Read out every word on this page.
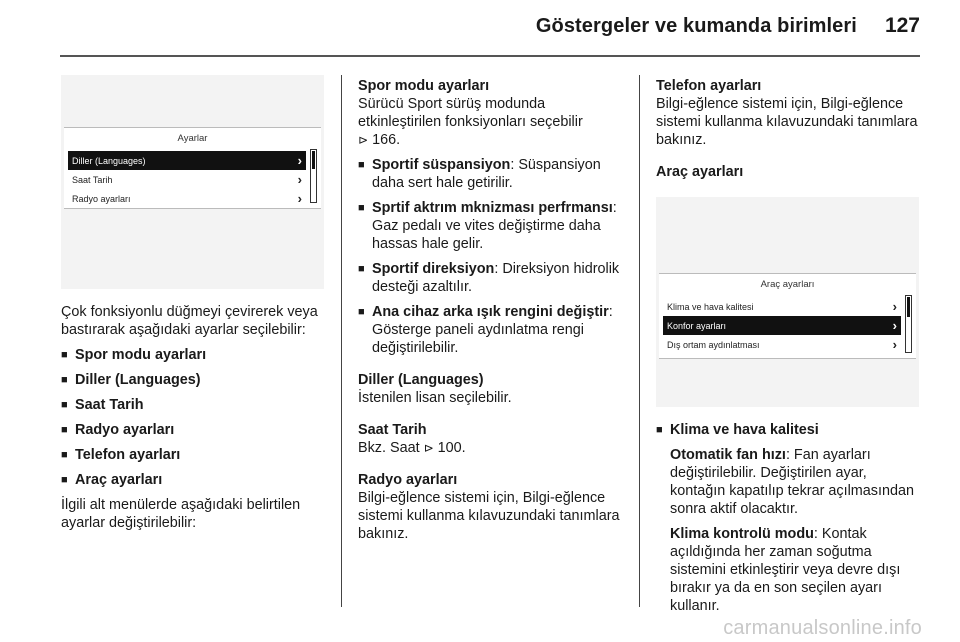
Göstergeler ve kumanda birimleri 127
Ayarlar
Diller (Languages)	›
Saat Tarih	›
Radyo ayarları	›

Çok fonksiyonlu düğmeyi çevirerek veya bastırarak aşağıdaki ayarlar seçilebilir:

■ Spor modu ayarları
■ Diller (Languages)
■ Saat Tarih
■ Radyo ayarları
■ Telefon ayarları
■ Araç ayarları

İlgili alt menülerde aşağıdaki belirtilen ayarlar değiştirilebilir:

Spor modu ayarları

Sürücü Sport sürüş modunda etkinleştirilen fonksiyonları seçebilir
⊳ 166.

■ Sportif süspansiyon: Süspansiyon daha sert hale getirilir.
■ Sprtif aktrım mknizması perfrmansı: Gaz pedalı ve vites değiştirme daha hassas hale gelir.
■ Sportif direksiyon: Direksiyon hidrolik desteği azaltılır.
■ Ana cihaz arka ışık rengini değiştir: Gösterge paneli aydınlatma rengi değiştirilebilir.

Diller (Languages)

İstenilen lisan seçilebilir.

Saat Tarih

Bkz. Saat ⊳ 100.

Radyo ayarları

Bilgi-eğlence sistemi için, Bilgi-eğlence sistemi kullanma kılavuzundaki tanımlara bakınız.

Telefon ayarları

Bilgi-eğlence sistemi için, Bilgi-eğlence sistemi kullanma kılavuzundaki tanımlara bakınız.

Araç ayarları

Araç ayarları
Klima ve hava kalitesi	›
Konfor ayarları	›
Dış ortam aydınlatması	›
■ Klima ve hava kalitesi

Otomatik fan hızı: Fan ayarları değiştirilebilir. Değiştirilen ayar, kontağın kapatılıp tekrar açılmasından sonra aktif olacaktır.

Klima kontrolü modu: Kontak açıldığında her zaman soğutma sistemini etkinleştirir veya devre dışı bırakır ya da en son seçilen ayarı kullanır.

carmanualsonline.info
